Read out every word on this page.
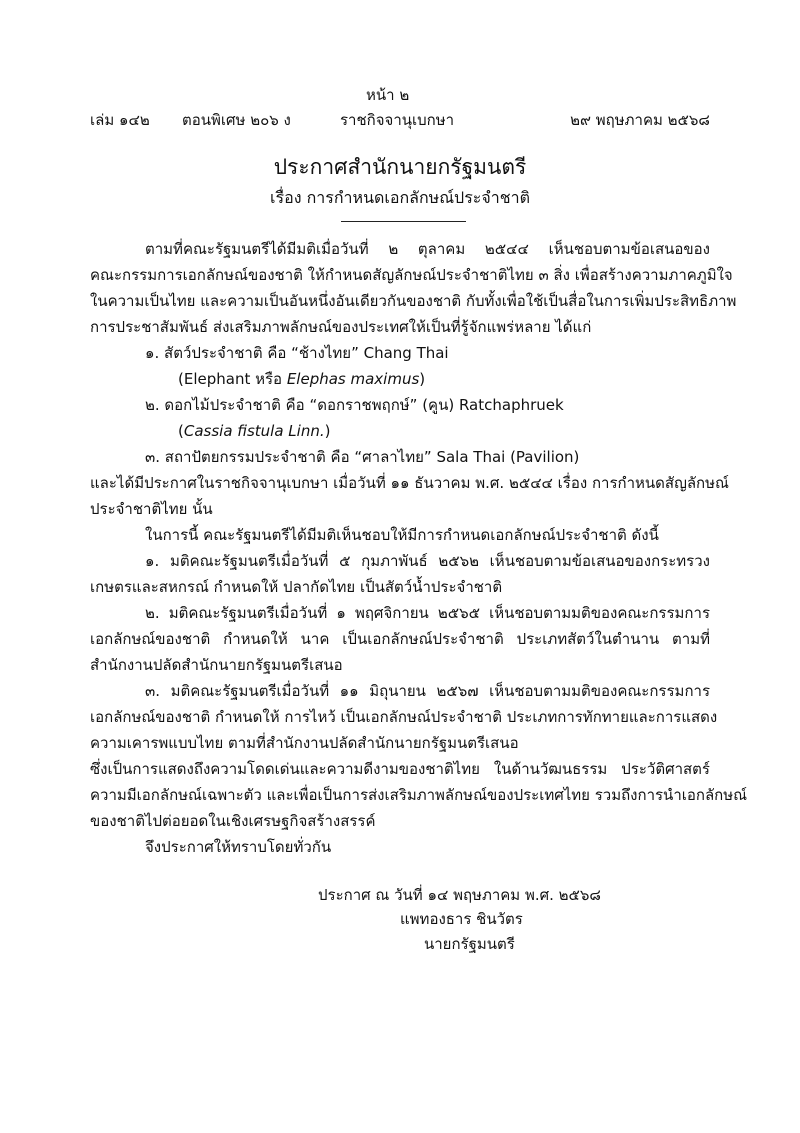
หน้า ๒
เล่ม ๑๔๒ ตอนพิเศษ ๒๐๖ ง	ราชกิจจานุเบกษา	๒๙ พฤษภาคม ๒๕๖๘
ประกาศสำนักนายกรัฐมนตรี
เรื่อง การกำหนดเอกลักษณ์ประจำชาติ
ตามที่คณะรัฐมนตรีได้มีมติเมื่อวันที่ ๒ ตุลาคม ๒๕๔๔ เห็นชอบตามข้อเสนอของ
คณะกรรมการเอกลักษณ์ของชาติ ให้กำหนดสัญลักษณ์ประจำชาติไทย ๓ สิ่ง เพื่อสร้างความภาคภูมิใจ
ในความเป็นไทย และความเป็นอันหนึ่งอันเดียวกันของชาติ กับทั้งเพื่อใช้เป็นสื่อในการเพิ่มประสิทธิภาพ
การประชาสัมพันธ์ ส่งเสริมภาพลักษณ์ของประเทศให้เป็นที่รู้จักแพร่หลาย ได้แก่
๑. สัตว์ประจำชาติ คือ “ช้างไทย” Chang Thai
(Elephant หรือ Elephas maximus)
๒. ดอกไม้ประจำชาติ คือ “ดอกราชพฤกษ์” (คูน) Ratchaphruek
(Cassia fistula Linn.)
๓. สถาปัตยกรรมประจำชาติ คือ “ศาลาไทย” Sala Thai (Pavilion)
และได้มีประกาศในราชกิจจานุเบกษา เมื่อวันที่ ๑๑ ธันวาคม พ.ศ. ๒๕๔๔ เรื่อง การกำหนดสัญลักษณ์
ประจำชาติไทย นั้น
ในการนี้ คณะรัฐมนตรีได้มีมติเห็นชอบให้มีการกำหนดเอกลักษณ์ประจำชาติ ดังนี้
๑. มติคณะรัฐมนตรีเมื่อวันที่ ๕ กุมภาพันธ์ ๒๕๖๒ เห็นชอบตามข้อเสนอของกระทรวง
เกษตรและสหกรณ์ กำหนดให้ ปลากัดไทย เป็นสัตว์น้ำประจำชาติ
๒. มติคณะรัฐมนตรีเมื่อวันที่ ๑ พฤศจิกายน ๒๕๖๕ เห็นชอบตามมติของคณะกรรมการ
เอกลักษณ์ของชาติ กำหนดให้ นาค เป็นเอกลักษณ์ประจำชาติ ประเภทสัตว์ในตำนาน ตามที่
สำนักงานปลัดสำนักนายกรัฐมนตรีเสนอ
๓. มติคณะรัฐมนตรีเมื่อวันที่ ๑๑ มิถุนายน ๒๕๖๗ เห็นชอบตามมติของคณะกรรมการ
เอกลักษณ์ของชาติ กำหนดให้ การไหว้ เป็นเอกลักษณ์ประจำชาติ ประเภทการทักทายและการแสดง
ความเคารพแบบไทย ตามที่สำนักงานปลัดสำนักนายกรัฐมนตรีเสนอ
ซึ่งเป็นการแสดงถึงความโดดเด่นและความดีงามของชาติไทย ในด้านวัฒนธรรม ประวัติศาสตร์
ความมีเอกลักษณ์เฉพาะตัว และเพื่อเป็นการส่งเสริมภาพลักษณ์ของประเทศไทย รวมถึงการนำเอกลักษณ์
ของชาติไปต่อยอดในเชิงเศรษฐกิจสร้างสรรค์
จึงประกาศให้ทราบโดยทั่วกัน
ประกาศ ณ วันที่ ๑๔ พฤษภาคม พ.ศ. ๒๕๖๘
แพทองธาร ชินวัตร
นายกรัฐมนตรี
